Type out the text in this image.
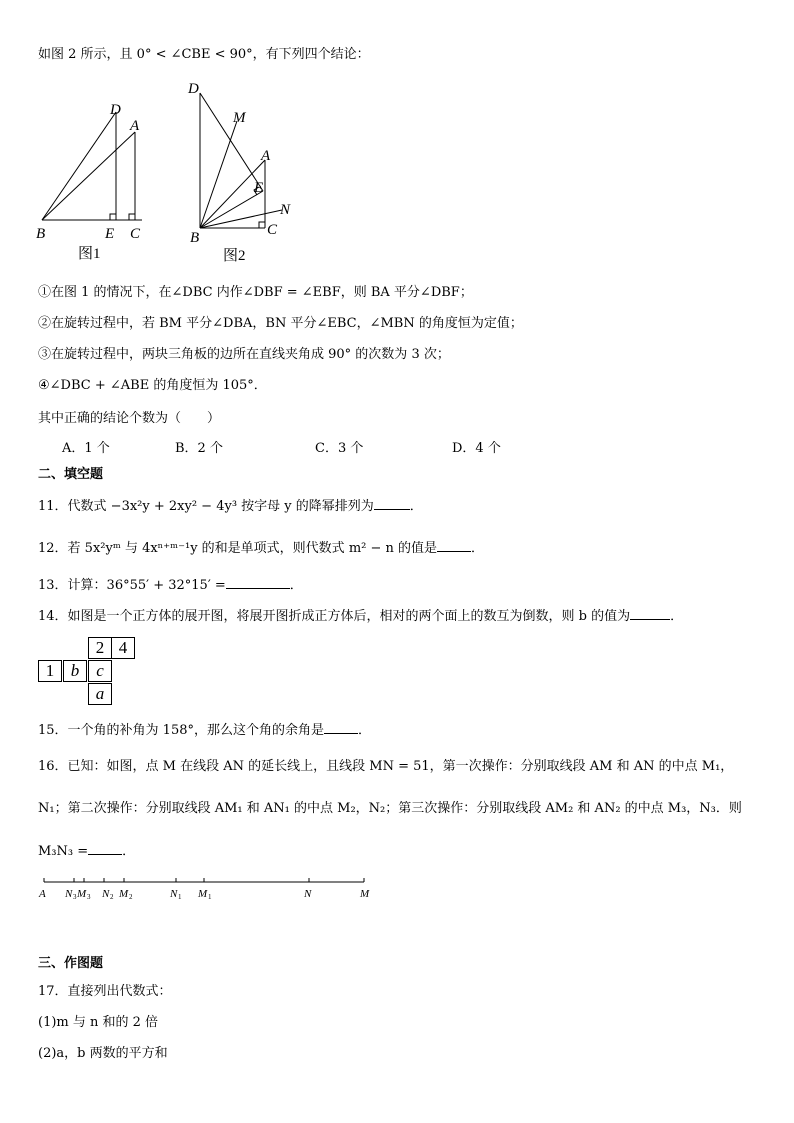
如图 2 所示，且 0° < ∠CBE < 90°，有下列四个结论：
D
A
B	E C
图1
D
M
A
E
N
B	C
图2
①在图 1 的情况下，在∠DBC 内作∠DBF = ∠EBF，则 BA 平分∠DBF；
②在旋转过程中，若 BM 平分∠DBA，BN 平分∠EBC，∠MBN 的角度恒为定值；
③在旋转过程中，两块三角板的边所在直线夹角成 90° 的次数为 3 次；
④∠DBC + ∠ABE 的角度恒为 105°．
其中正确的结论个数为（　　）
A．1 个	B．2 个	C．3 个	D．4 个
二、填空题
11．代数式 −3x²y + 2xy² − 4y³ 按字母 y 的降幂排列为	．
12．若 5x²yᵐ 与 4xⁿ⁺ᵐ⁻¹y 的和是单项式，则代数式 m² − n 的值是	．
13．计算：36°55′ + 32°15′ =	．
14．如图是一个正方体的展开图，将展开图折成正方体后，相对的两个面上的数互为倒数，则 b 的值为	．
2 4
1 b c
a
15．一个角的补角为 158°，那么这个角的余角是	．
16．已知：如图，点 M 在线段 AN 的延长线上，且线段 MN = 51，第一次操作：分别取线段 AM 和 AN 的中点 M₁，
N₁；第二次操作：分别取线段 AM₁ 和 AN₁ 的中点 M₂，N₂；第三次操作：分别取线段 AM₂ 和 AN₂ 的中点 M₃，N₃．则
M₃N₃ =	．
A N M N M	N M	N	M
3 3	2 2	1	1
三、作图题
17．直接列出代数式：
(1)m 与 n 和的 2 倍
(2)a，b 两数的平方和
